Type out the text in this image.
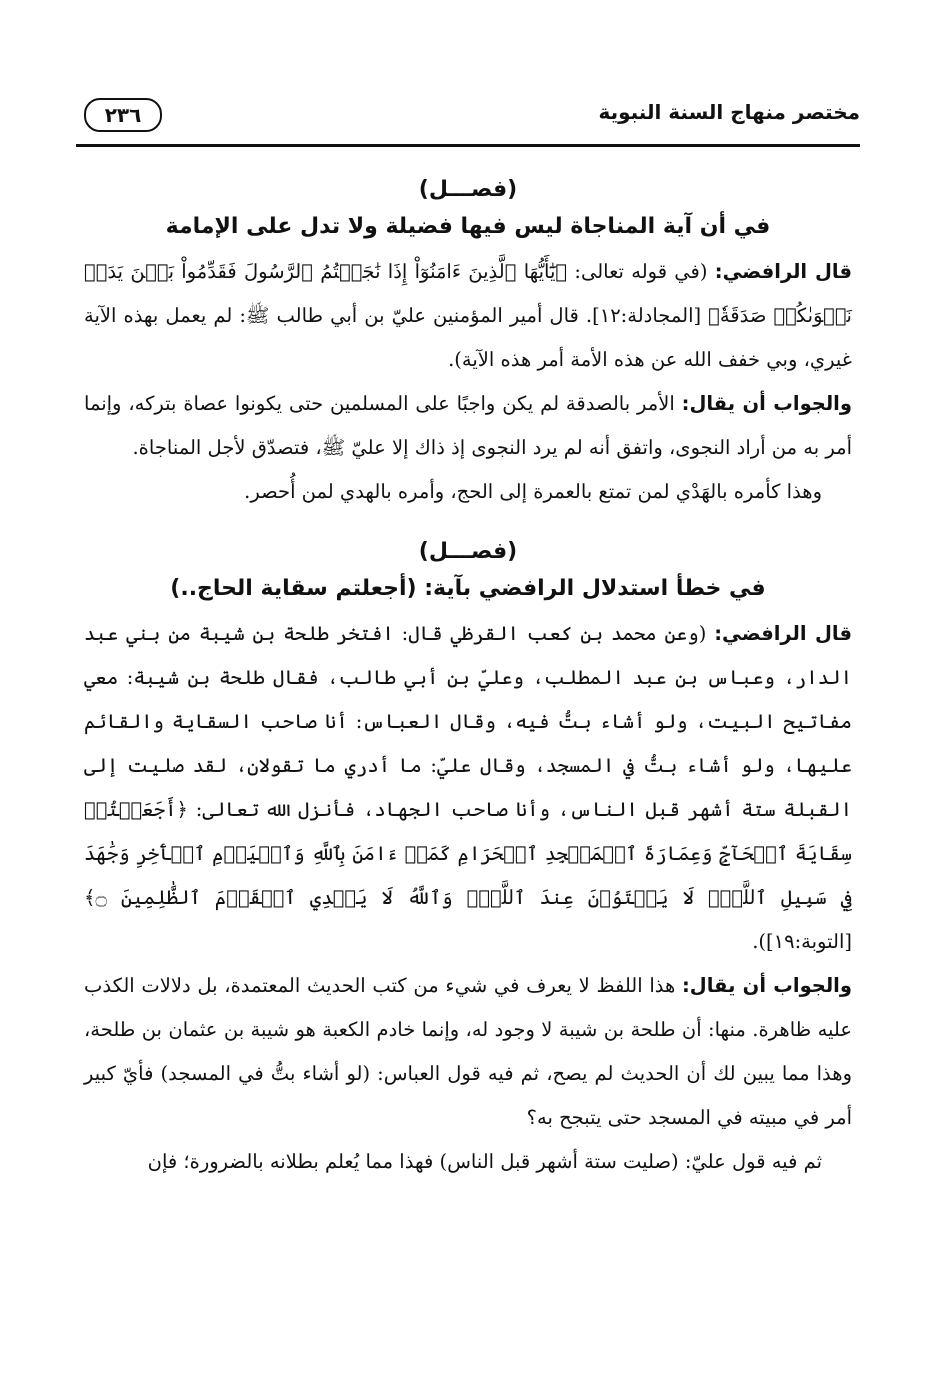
مختصر منهاج السنة النبوية
٢٣٦
(فصـــل)
في أن آية المناجاة ليس فيها فضيلة ولا تدل على الإمامة

قال الرافضي: (في قوله تعالى: ﴿يَٰٓأَيُّهَا ٱلَّذِينَ ءَامَنُوٓاْ إِذَا نَٰجَيۡتُمُ ٱلرَّسُولَ فَقَدِّمُواْ بَيۡنَ يَدَيۡ نَجۡوَىٰكُمۡ صَدَقَةٗ﴾ [المجادلة:١٢]. قال أمير المؤمنين عليّ بن أبي طالب ﷺ: لم يعمل بهذه الآية غيري، وبي خفف الله عن هذه الأمة أمر هذه الآية).

والجواب أن يقال: الأمر بالصدقة لم يكن واجبًا على المسلمين حتى يكونوا عصاة بتركه، وإنما أمر به من أراد النجوى، واتفق أنه لم يرد النجوى إذ ذاك إلا عليّ ﷺ، فتصدّق لأجل المناجاة.

وهذا كأمره بالهَدْي لمن تمتع بالعمرة إلى الحج، وأمره بالهدي لمن أُحصر.

(فصـــل)
في خطأ استدلال الرافضي بآية: (أجعلتم سقاية الحاج..)

قال الرافضي: (وعن محمد بن كعب القرظي قال: افتخر طلحة بن شيبة من بني عبد الدار، وعباس بن عبد المطلب، وعليّ بن أبي طالب، فقال طلحة بن شيبة: معي مفاتيح البيت، ولو أشاء بتُّ فيه، وقال العباس: أنا صاحب السقاية والقائم عليها، ولو أشاء بتُّ في المسجد، وقال عليّ: ما أدري ما تقولان، لقد صليت إلى القبلة ستة أشهر قبل الناس، وأنا صاحب الجهاد، فأنزل الله تعالى: ﴿أَجَعَلۡتُمۡ سِقَايَةَ ٱلۡحَآجِّ وَعِمَارَةَ ٱلۡمَسۡجِدِ ٱلۡحَرَامِ كَمَنۡ ءَامَنَ بِٱللَّهِ وَٱلۡيَوۡمِ ٱلۡأٓخِرِ وَجَٰهَدَ فِي سَبِيلِ ٱللَّهِۚ لَا يَسۡتَوُۥنَ عِندَ ٱللَّهِۗ وَٱللَّهُ لَا يَهۡدِي ٱلۡقَوۡمَ ٱلظَّٰلِمِينَ ۝﴾ [التوبة:١٩]).

والجواب أن يقال: هذا اللفظ لا يعرف في شيء من كتب الحديث المعتمدة، بل دلالات الكذب عليه ظاهرة. منها: أن طلحة بن شيبة لا وجود له، وإنما خادم الكعبة هو شيبة بن عثمان بن طلحة، وهذا مما يبين لك أن الحديث لم يصح، ثم فيه قول العباس: (لو أشاء بتُّ في المسجد) فأيّ كبير أمر في مبيته في المسجد حتى يتبجح به؟

ثم فيه قول عليّ: (صليت ستة أشهر قبل الناس) فهذا مما يُعلم بطلانه بالضرورة؛ فإن
